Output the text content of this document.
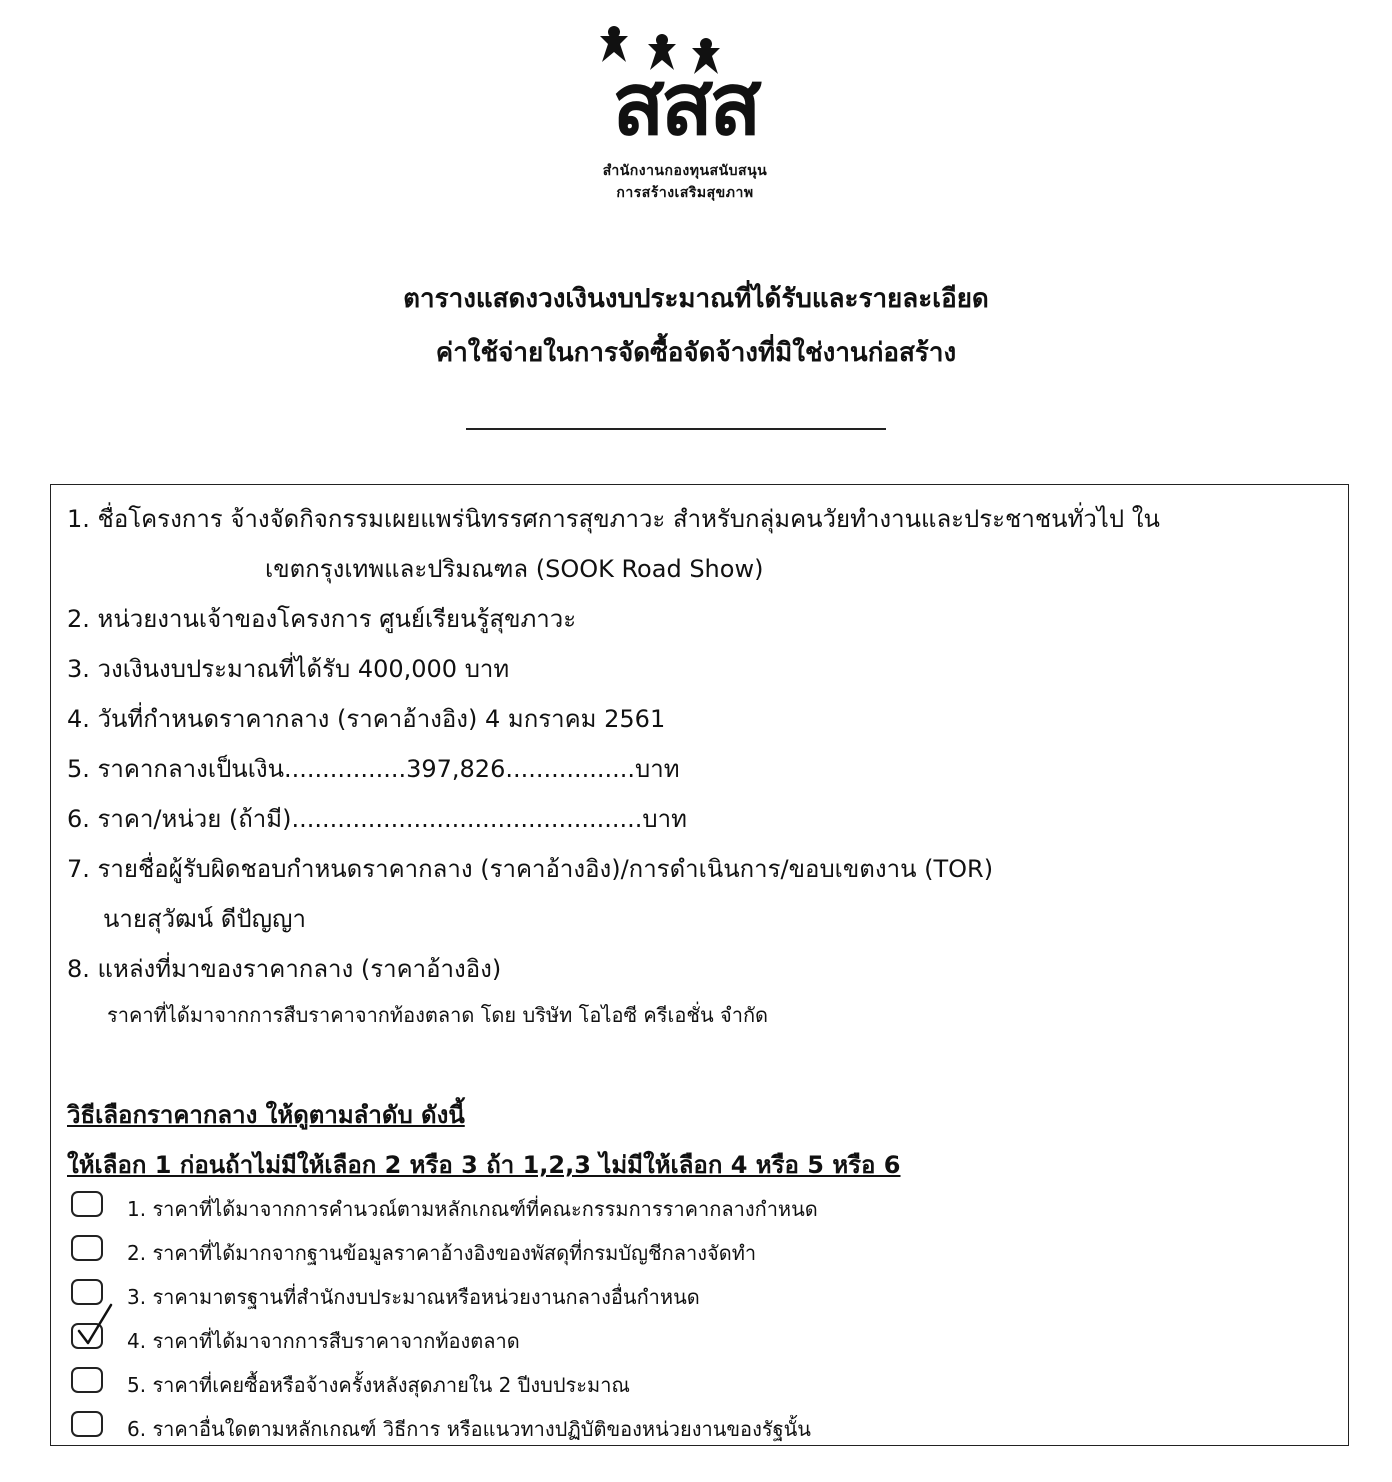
สสส
สำนักงานกองทุนสนับสนุน
การสร้างเสริมสุขภาพ
ตารางแสดงวงเงินงบประมาณที่ได้รับและรายละเอียด
ค่าใช้จ่ายในการจัดซื้อจัดจ้างที่มิใช่งานก่อสร้าง
1. ชื่อโครงการ จ้างจัดกิจกรรมเผยแพร่นิทรรศการสุขภาวะ สำหรับกลุ่มคนวัยทำงานและประชาชนทั่วไป ใน
เขตกรุงเทพและปริมณฑล (SOOK Road Show)
2. หน่วยงานเจ้าของโครงการ ศูนย์เรียนรู้สุขภาวะ
3. วงเงินงบประมาณที่ได้รับ 400,000 บาท
4. วันที่กำหนดราคากลาง (ราคาอ้างอิง) 4 มกราคม 2561
5. ราคากลางเป็นเงิน................397,826.................บาท
6. ราคา/หน่วย (ถ้ามี)..............................................บาท
7. รายชื่อผู้รับผิดชอบกำหนดราคากลาง (ราคาอ้างอิง)/การดำเนินการ/ขอบเขตงาน (TOR)
นายสุวัฒน์ ดีปัญญา
8. แหล่งที่มาของราคากลาง (ราคาอ้างอิง)
ราคาที่ได้มาจากการสืบราคาจากท้องตลาด โดย บริษัท โอไอซี ครีเอชั่น จำกัด
วิธีเลือกราคากลาง ให้ดูตามลำดับ ดังนี้
ให้เลือก 1 ก่อนถ้าไม่มีให้เลือก 2 หรือ 3 ถ้า 1,2,3 ไม่มีให้เลือก 4 หรือ 5 หรือ 6
1. ราคาที่ได้มาจากการคำนวณ์ตามหลักเกณฑ์ที่คณะกรรมการราคากลางกำหนด
2. ราคาที่ได้มากจากฐานข้อมูลราคาอ้างอิงของพัสดุที่กรมบัญชีกลางจัดทำ
3. ราคามาตรฐานที่สำนักงบประมาณหรือหน่วยงานกลางอื่นกำหนด
4. ราคาที่ได้มาจากการสืบราคาจากท้องตลาด
5. ราคาที่เคยซื้อหรือจ้างครั้งหลังสุดภายใน 2 ปีงบประมาณ
6. ราคาอื่นใดตามหลักเกณฑ์ วิธีการ หรือแนวทางปฏิบัติของหน่วยงานของรัฐนั้น
